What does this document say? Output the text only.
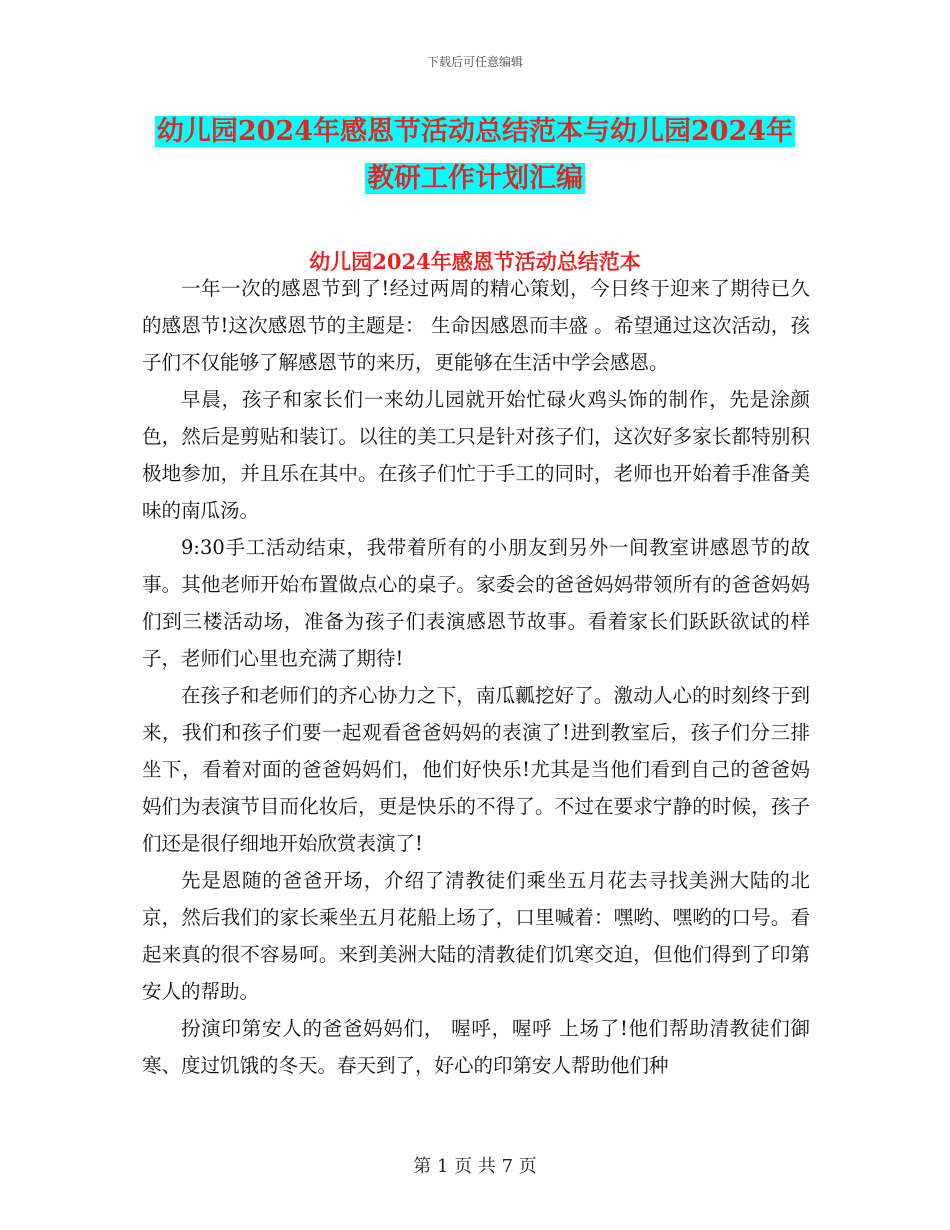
下载后可任意编辑
幼儿园2024年感恩节活动总结范本与幼儿园2024年
教研工作计划汇编
幼儿园2024年感恩节活动总结范本

一年一次的感恩节到了!经过两周的精心策划，今日终于迎来了期待已久的感恩节!这次感恩节的主题是： 生命因感恩而丰盛 。希望通过这次活动，孩子们不仅能够了解感恩节的来历，更能够在生活中学会感恩。

早晨，孩子和家长们一来幼儿园就开始忙碌火鸡头饰的制作，先是涂颜色，然后是剪贴和装订。以往的美工只是针对孩子们，这次好多家长都特别积极地参加，并且乐在其中。在孩子们忙于手工的同时，老师也开始着手准备美味的南瓜汤。

9:30手工活动结束，我带着所有的小朋友到另外一间教室讲感恩节的故事。其他老师开始布置做点心的桌子。家委会的爸爸妈妈带领所有的爸爸妈妈们到三楼活动场，准备为孩子们表演感恩节故事。看着家长们跃跃欲试的样子，老师们心里也充满了期待!

在孩子和老师们的齐心协力之下，南瓜瓤挖好了。激动人心的时刻终于到来，我们和孩子们要一起观看爸爸妈妈的表演了!进到教室后，孩子们分三排坐下，看着对面的爸爸妈妈们，他们好快乐!尤其是当他们看到自己的爸爸妈妈们为表演节目而化妆后，更是快乐的不得了。不过在要求宁静的时候，孩子们还是很仔细地开始欣赏表演了!

先是恩随的爸爸开场，介绍了清教徒们乘坐五月花去寻找美洲大陆的北京，然后我们的家长乘坐五月花船上场了，口里喊着：嘿哟、嘿哟的口号。看起来真的很不容易呵。来到美洲大陆的清教徒们饥寒交迫，但他们得到了印第安人的帮助。

扮演印第安人的爸爸妈妈们， 喔呼，喔呼 上场了!他们帮助清教徒们御寒、度过饥饿的冬天。春天到了，好心的印第安人帮助他们种

第 1 页 共 7 页
